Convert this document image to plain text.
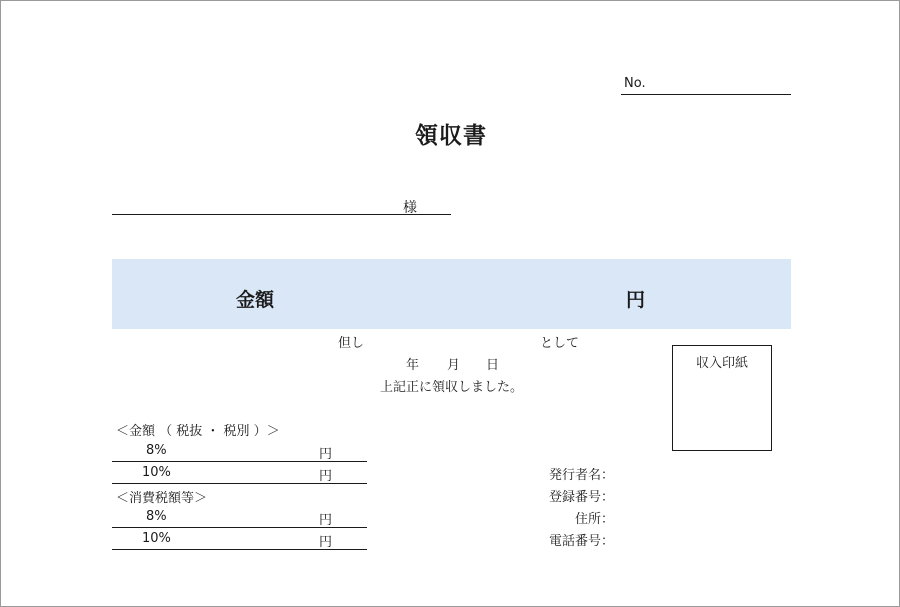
No.
領収書
様
金額	円
但し	として
年 月 日
上記正に領収しました。
収入印紙
＜金額 （ 税抜 ・ 税別 ）＞
8%	円
10%	円
＜消費税額等＞
8%	円
10%	円
発行者名：
登録番号：
住所：
電話番号：
